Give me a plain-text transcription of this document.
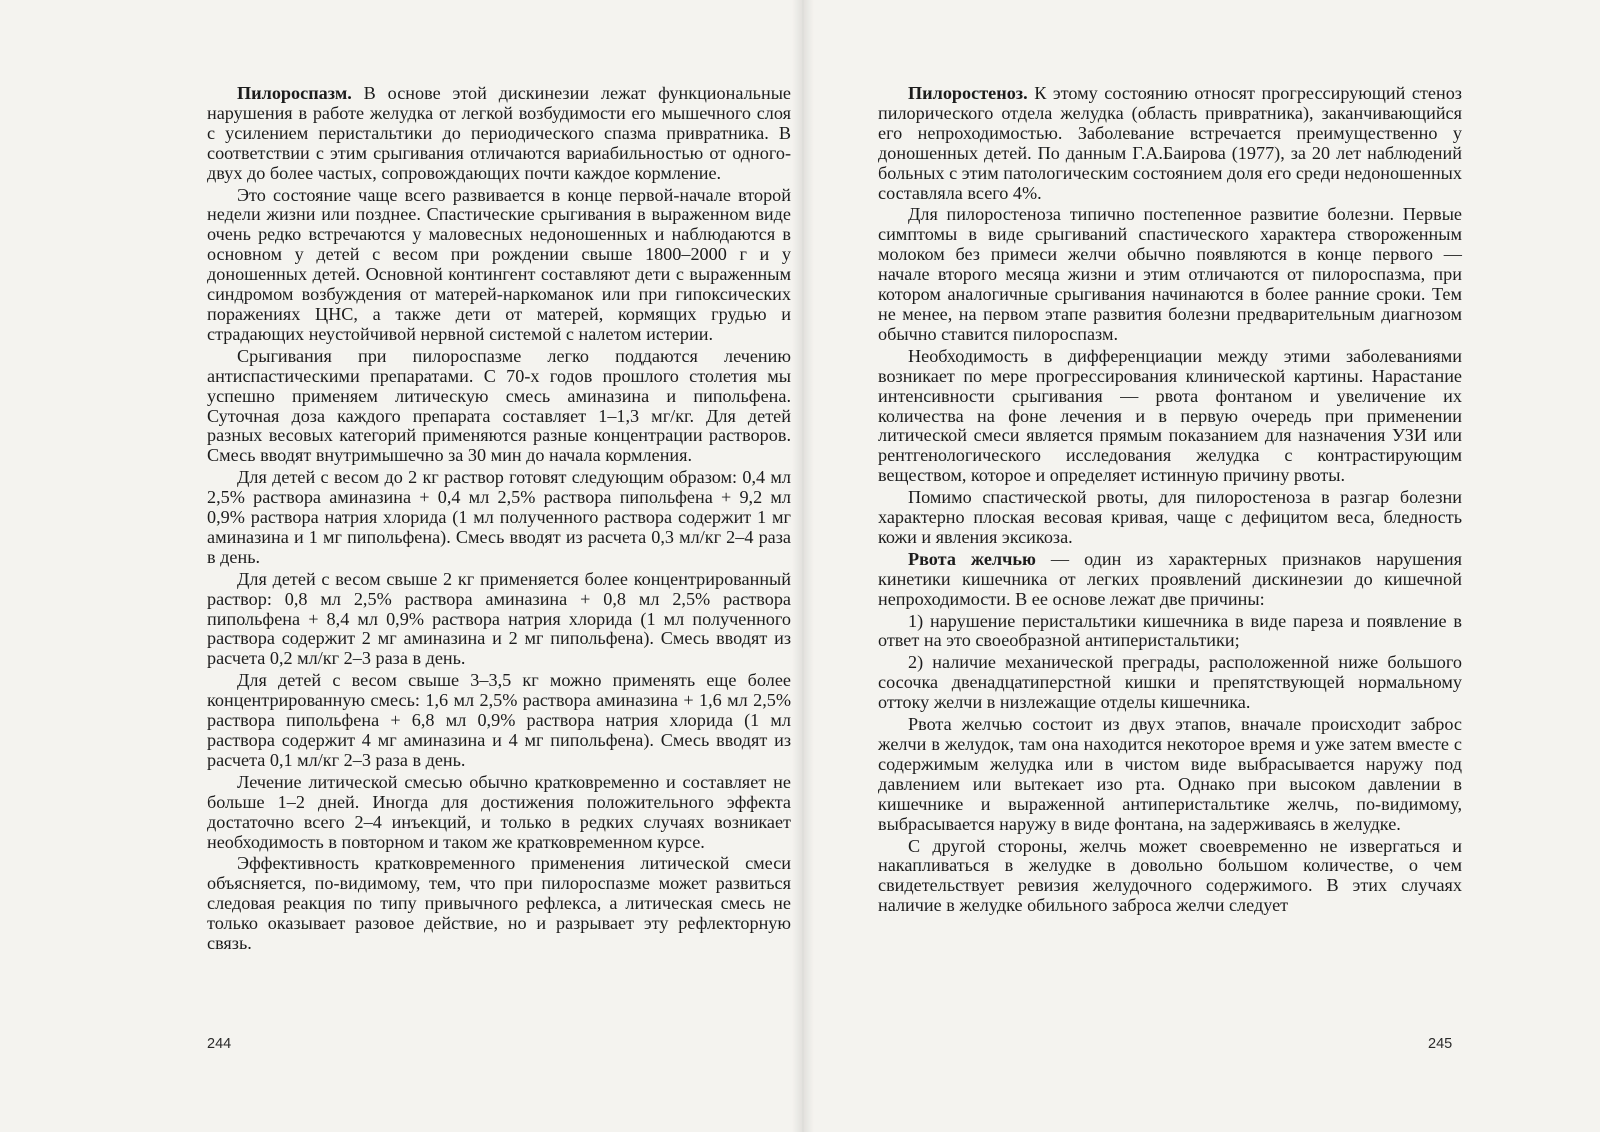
Пилороспазм. В основе этой дискинезии лежат функциональные нарушения в работе желудка от легкой возбудимости его мышечного слоя с усилением перистальтики до периодического спазма привратника. В соответствии с этим срыгивания отличаются вариабильностью от одного-двух до более частых, сопровождающих почти каждое кормление.

Это состояние чаще всего развивается в конце первой-начале второй недели жизни или позднее. Спастические срыгивания в выраженном виде очень редко встречаются у маловесных недоношенных и наблюдаются в основном у детей с весом при рождении свыше 1800–2000 г и у доношенных детей. Основной контингент составляют дети с выраженным синдромом возбуждения от матерей-наркоманок или при гипоксических поражениях ЦНС, а также дети от матерей, кормящих грудью и страдающих неустойчивой нервной системой с налетом истерии.

Срыгивания при пилороспазме легко поддаются лечению антиспастическими препаратами. С 70-х годов прошлого столетия мы успешно применяем литическую смесь аминазина и пипольфена. Суточная доза каждого препарата составляет 1–1,3 мг/кг. Для детей разных весовых категорий применяются разные концентрации растворов. Смесь вводят внутримышечно за 30 мин до начала кормления.

Для детей с весом до 2 кг раствор готовят следующим образом: 0,4 мл 2,5% раствора аминазина + 0,4 мл 2,5% раствора пипольфена + 9,2 мл 0,9% раствора натрия хлорида (1 мл полученного раствора содержит 1 мг аминазина и 1 мг пипольфена). Смесь вводят из расчета 0,3 мл/кг 2–4 раза в день.

Для детей с весом свыше 2 кг применяется более концентрированный раствор: 0,8 мл 2,5% раствора аминазина + 0,8 мл 2,5% раствора пипольфена + 8,4 мл 0,9% раствора натрия хлорида (1 мл полученного раствора содержит 2 мг аминазина и 2 мг пипольфена). Смесь вводят из расчета 0,2 мл/кг 2–3 раза в день.

Для детей с весом свыше 3–3,5 кг можно применять еще более концентрированную смесь: 1,6 мл 2,5% раствора аминазина + 1,6 мл 2,5% раствора пипольфена + 6,8 мл 0,9% раствора натрия хлорида (1 мл раствора содержит 4 мг аминазина и 4 мг пипольфена). Смесь вводят из расчета 0,1 мл/кг 2–3 раза в день.

Лечение литической смесью обычно кратковременно и составляет не больше 1–2 дней. Иногда для достижения положительного эффекта достаточно всего 2–4 инъекций, и только в редких случаях возникает необходимость в повторном и таком же кратковременном курсе.

Эффективность кратковременного применения литической смеси объясняется, по-видимому, тем, что при пилороспазме может развиться следовая реакция по типу привычного рефлекса, а литическая смесь не только оказывает разовое действие, но и разрывает эту рефлекторную связь.

Пилоростеноз. К этому состоянию относят прогрессирующий стеноз пилорического отдела желудка (область привратника), заканчивающийся его непроходимостью. Заболевание встречается преимущественно у доношенных детей. По данным Г.А.Баирова (1977), за 20 лет наблюдений больных с этим патологическим состоянием доля его среди недоношенных составляла всего 4%.

Для пилоростеноза типично постепенное развитие болезни. Первые симптомы в виде срыгиваний спастического характера створоженным молоком без примеси желчи обычно появляются в конце первого — начале второго месяца жизни и этим отличаются от пилороспазма, при котором аналогичные срыгивания начинаются в более ранние сроки. Тем не менее, на первом этапе развития болезни предварительным диагнозом обычно ставится пилороспазм.

Необходимость в дифференциации между этими заболеваниями возникает по мере прогрессирования клинической картины. Нарастание интенсивности срыгивания — рвота фонтаном и увеличение их количества на фоне лечения и в первую очередь при применении литической смеси является прямым показанием для назначения УЗИ или рентгенологического исследования желудка с контрастирующим веществом, которое и определяет истинную причину рвоты.

Помимо спастической рвоты, для пилоростеноза в разгар болезни характерно плоская весовая кривая, чаще с дефицитом веса, бледность кожи и явления эксикоза.

Рвота желчью — один из характерных признаков нарушения кинетики кишечника от легких проявлений дискинезии до кишечной непроходимости. В ее основе лежат две причины:

1) нарушение перистальтики кишечника в виде пареза и появление в ответ на это своеобразной антиперистальтики;

2) наличие механической преграды, расположенной ниже большого сосочка двенадцатиперстной кишки и препятствующей нормальному оттоку желчи в низлежащие отделы кишечника.

Рвота желчью состоит из двух этапов, вначале происходит заброс желчи в желудок, там она находится некоторое время и уже затем вместе с содержимым желудка или в чистом виде выбрасывается наружу под давлением или вытекает изо рта. Однако при высоком давлении в кишечнике и выраженной антиперистальтике желчь, по-видимому, выбрасывается наружу в виде фонтана, на задерживаясь в желудке.

С другой стороны, желчь может своевременно не извергаться и накапливаться в желудке в довольно большом количестве, о чем свидетельствует ревизия желудочного содержимого. В этих случаях наличие в желудке обильного заброса желчи следует

244	245
